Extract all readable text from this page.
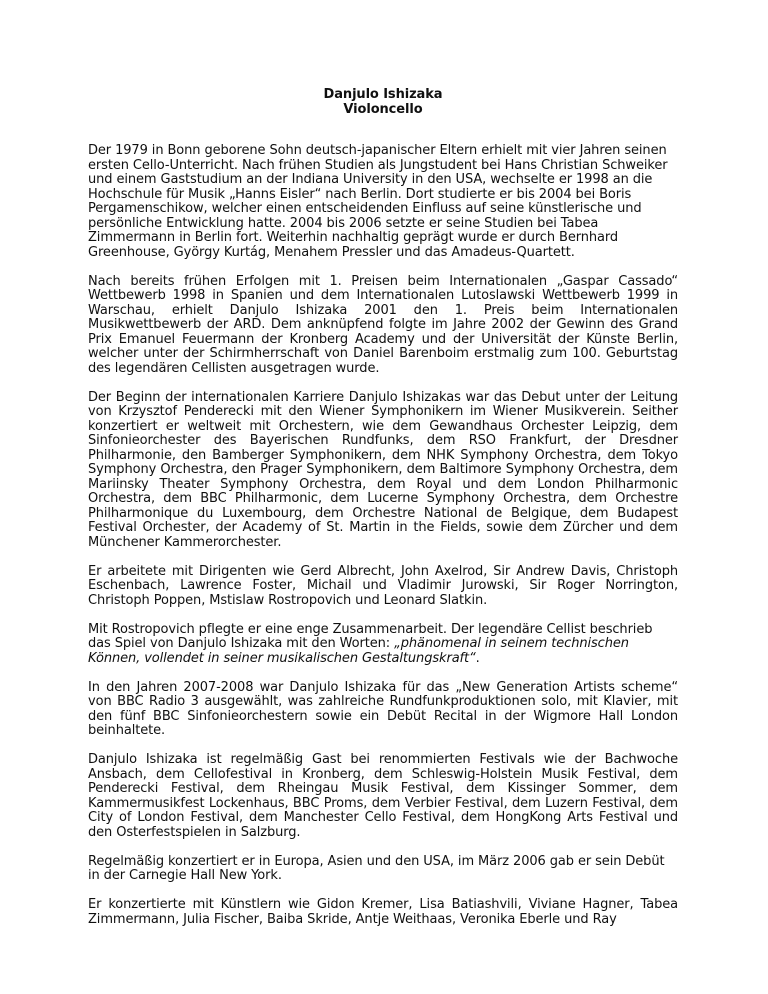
Danjulo Ishizaka
Violoncello

Der 1979 in Bonn geborene Sohn deutsch-japanischer Eltern erhielt mit vier Jahren seinen ersten Cello-Unterricht. Nach frühen Studien als Jungstudent bei Hans Christian Schweiker und einem Gaststudium an der Indiana University in den USA, wechselte er 1998 an die Hochschule für Musik „Hanns Eisler“ nach Berlin. Dort studierte er bis 2004 bei Boris Pergamenschikow, welcher einen entscheidenden Einfluss auf seine künstlerische und persönliche Entwicklung hatte. 2004 bis 2006 setzte er seine Studien bei Tabea Zimmermann in Berlin fort. Weiterhin nachhaltig geprägt wurde er durch Bernhard Greenhouse, György Kurtág, Menahem Pressler und das Amadeus-Quartett.

Nach bereits frühen Erfolgen mit 1. Preisen beim Internationalen „Gaspar Cassado“ Wettbewerb 1998 in Spanien und dem Internationalen Lutoslawski Wettbewerb 1999 in Warschau, erhielt Danjulo Ishizaka 2001 den 1. Preis beim Internationalen Musikwettbewerb der ARD. Dem anknüpfend folgte im Jahre 2002 der Gewinn des Grand Prix Emanuel Feuermann der Kronberg Academy und der Universität der Künste Berlin, welcher unter der Schirmherrschaft von Daniel Barenboim erstmalig zum 100. Geburtstag des legendären Cellisten ausgetragen wurde.

Der Beginn der internationalen Karriere Danjulo Ishizakas war das Debut unter der Leitung von Krzysztof Penderecki mit den Wiener Symphonikern im Wiener Musikverein. Seither konzertiert er weltweit mit Orchestern, wie dem Gewandhaus Orchester Leipzig, dem Sinfonieorchester des Bayerischen Rundfunks, dem RSO Frankfurt, der Dresdner Philharmonie, den Bamberger Symphonikern, dem NHK Symphony Orchestra, dem Tokyo Symphony Orchestra, den Prager Symphonikern, dem Baltimore Symphony Orchestra, dem Mariinsky Theater Symphony Orchestra, dem Royal und dem London Philharmonic Orchestra, dem BBC Philharmonic, dem Lucerne Symphony Orchestra, dem Orchestre Philharmonique du Luxembourg, dem Orchestre National de Belgique, dem Budapest Festival Orchester, der Academy of St. Martin in the Fields, sowie dem Zürcher und dem Münchener Kammerorchester.

Er arbeitete mit Dirigenten wie Gerd Albrecht, John Axelrod, Sir Andrew Davis, Christoph Eschenbach, Lawrence Foster, Michail und Vladimir Jurowski, Sir Roger Norrington, Christoph Poppen, Mstislaw Rostropovich und Leonard Slatkin.

Mit Rostropovich pflegte er eine enge Zusammenarbeit. Der legendäre Cellist beschrieb das Spiel von Danjulo Ishizaka mit den Worten: „phänomenal in seinem technischen Können, vollendet in seiner musikalischen Gestaltungskraft“.

In den Jahren 2007-2008 war Danjulo Ishizaka für das „New Generation Artists scheme“ von BBC Radio 3 ausgewählt, was zahlreiche Rundfunkproduktionen solo, mit Klavier, mit den fünf BBC Sinfonieorchestern sowie ein Debüt Recital in der Wigmore Hall London beinhaltete.

Danjulo Ishizaka ist regelmäßig Gast bei renommierten Festivals wie der Bachwoche Ansbach, dem Cellofestival in Kronberg, dem Schleswig-Holstein Musik Festival, dem Penderecki Festival, dem Rheingau Musik Festival, dem Kissinger Sommer, dem Kammermusikfest Lockenhaus, BBC Proms, dem Verbier Festival, dem Luzern Festival, dem City of London Festival, dem Manchester Cello Festival, dem HongKong Arts Festival und den Osterfestspielen in Salzburg.

Regelmäßig konzertiert er in Europa, Asien und den USA, im März 2006 gab er sein Debüt in der Carnegie Hall New York.

Er konzertierte mit Künstlern wie Gidon Kremer, Lisa Batiashvili, Viviane Hagner, Tabea Zimmermann, Julia Fischer, Baiba Skride, Antje Weithaas, Veronika Eberle und Ray
